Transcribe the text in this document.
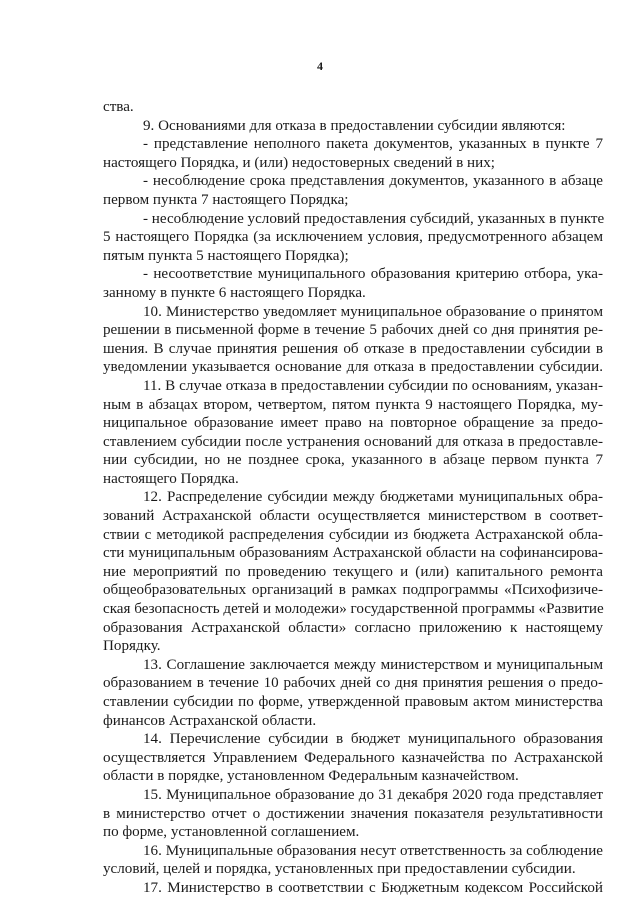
4
ства.
9. Основаниями для отказа в предоставлении субсидии являются:
- представление неполного пакета документов, указанных в пункте 7
настоящего Порядка, и (или) недостоверных сведений в них;
- несоблюдение срока представления документов, указанного в абзаце
первом пункта 7 настоящего Порядка;
- несоблюдение условий предоставления субсидий, указанных в пункте
5 настоящего Порядка (за исключением условия, предусмотренного абзацем
пятым пункта 5 настоящего Порядка);
- несоответствие муниципального образования критерию отбора, ука-
занному в пункте 6 настоящего Порядка.
10. Министерство уведомляет муниципальное образование о принятом
решении в письменной форме в течение 5 рабочих дней со дня принятия ре-
шения. В случае принятия решения об отказе в предоставлении субсидии в
уведомлении указывается основание для отказа в предоставлении субсидии.
11. В случае отказа в предоставлении субсидии по основаниям, указан-
ным в абзацах втором, четвертом, пятом пункта 9 настоящего Порядка, му-
ниципальное образование имеет право на повторное обращение за предо-
ставлением субсидии после устранения оснований для отказа в предоставле-
нии субсидии, но не позднее срока, указанного в абзаце первом пункта 7
настоящего Порядка.
12. Распределение субсидии между бюджетами муниципальных обра-
зований Астраханской области осуществляется министерством в соответ-
ствии с методикой распределения субсидии из бюджета Астраханской обла-
сти муниципальным образованиям Астраханской области на софинансирова-
ние мероприятий по проведению текущего и (или) капитального ремонта
общеобразовательных организаций в рамках подпрограммы «Психофизиче-
ская безопасность детей и молодежи» государственной программы «Развитие
образования Астраханской области» согласно приложению к настоящему
Порядку.
13. Соглашение заключается между министерством и муниципальным
образованием в течение 10 рабочих дней со дня принятия решения о предо-
ставлении субсидии по форме, утвержденной правовым актом министерства
финансов Астраханской области.
14. Перечисление субсидии в бюджет муниципального образования
осуществляется Управлением Федерального казначейства по Астраханской
области в порядке, установленном Федеральным казначейством.
15. Муниципальное образование до 31 декабря 2020 года представляет
в министерство отчет о достижении значения показателя результативности
по форме, установленной соглашением.
16. Муниципальные образования несут ответственность за соблюдение
условий, целей и порядка, установленных при предоставлении субсидии.
17. Министерство в соответствии с Бюджетным кодексом Российской
